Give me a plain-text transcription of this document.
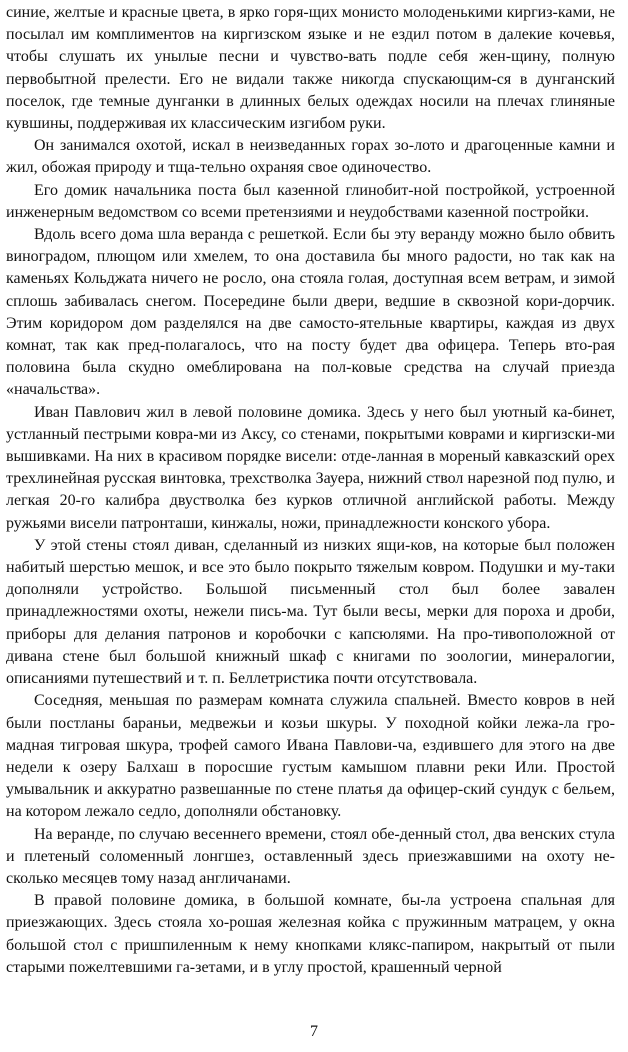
синие, желтые и красные цвета, в ярко горя-щих монисто молоденькими киргиз-ками, не посылал им комплиментов на киргизском языке и не ездил потом в далекие кочевья, чтобы слушать их унылые песни и чувство-вать подле себя жен-щину, полную первобытной прелести. Его не видали также никогда спускающим-ся в дунганский поселок, где темные дунганки в длинных белых одеждах носили на плечах глиняные кувшины, поддерживая их классическим изгибом руки.

Он занимался охотой, искал в неизведанных горах зо-лото и драгоценные камни и жил, обожая природу и тща-тельно охраняя свое одиночество.

Его домик начальника поста был казенной глинобит-ной постройкой, устроенной инженерным ведомством со всеми претензиями и неудобствами казенной постройки.

Вдоль всего дома шла веранда с решеткой. Если бы эту веранду можно было обвить виноградом, плющом или хмелем, то она доставила бы много радости, но так как на каменьях Кольджата ничего не росло, она стояла голая, доступная всем ветрам, и зимой сплошь забивалась снегом. Посередине были двери, ведшие в сквозной кори-дорчик. Этим коридором дом разделялся на две самосто-ятельные квартиры, каждая из двух комнат, так как пред-полагалось, что на посту будет два офицера. Теперь вто-рая половина была скудно омеблирована на пол-ковые средства на случай приезда «начальства».

Иван Павлович жил в левой половине домика. Здесь у него был уютный ка-бинет, устланный пестрыми ковра-ми из Аксу, со стенами, покрытыми коврами и киргизски-ми вышивками. На них в красивом порядке висели: отде-ланная в мореный кавказский орех трехлинейная русская винтовка, трехстволка Зауера, нижний ствол нарезной под пулю, и легкая 20-го калибра двустволка без курков отличной английской работы. Между ружьями висели патронташи, кинжалы, ножи, принадлежности конского убора.

У этой стены стоял диван, сделанный из низких ящи-ков, на которые был положен набитый шерстью мешок, и все это было покрыто тяжелым ковром. Подушки и му-таки дополняли устройство. Большой письменный стол был более завален принадлежностями охоты, нежели пись-ма. Тут были весы, мерки для пороха и дроби, приборы для делания патронов и коробочки с капсюлями. На про-тивоположной от дивана стене был большой книжный шкаф с книгами по зоологии, минералогии, описаниями путешествий и т. п. Беллетристика почти отсутствовала.

Соседняя, меньшая по размерам комната служила спальней. Вместо ковров в ней были постланы бараньи, медвежьи и козьи шкуры. У походной койки лежа-ла гро-мадная тигровая шкура, трофей самого Ивана Павлови-ча, ездившего для этого на две недели к озеру Балхаш в поросшие густым камышом плавни реки Или. Простой умывальник и аккуратно развешанные по стене платья да офицер-ский сундук с бельем, на котором лежало седло, дополняли обстановку.

На веранде, по случаю весеннего времени, стоял обе-денный стол, два венских стула и плетеный соломенный лонгшез, оставленный здесь приезжавшими на охоту не-сколько месяцев тому назад англичанами.

В правой половине домика, в большой комнате, бы-ла устроена спальная для приезжающих. Здесь стояла хо-рошая железная койка с пружинным матрацем, у окна большой стол с пришпиленным к нему кнопками клякс-папиром, накрытый от пыли старыми пожелтевшими га-зетами, и в углу простой, крашенный черной

7
